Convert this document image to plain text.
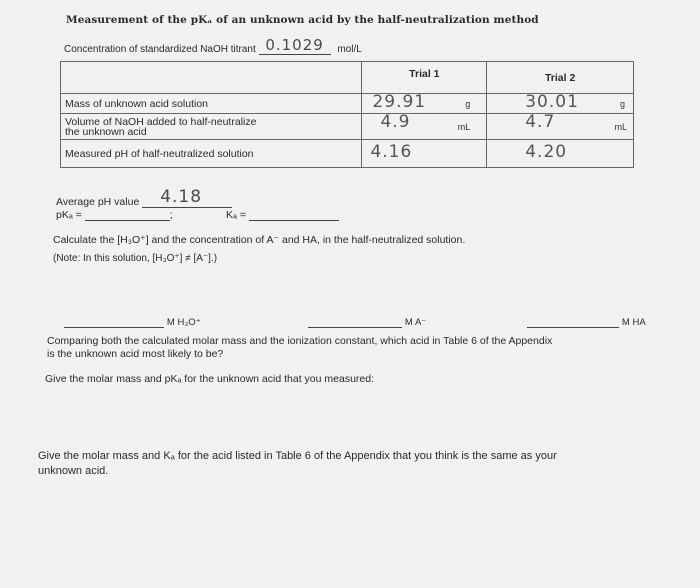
Measurement of the pKₐ of an unknown acid by the half-neutralization method
Concentration of standardized NaOH titrant 0.1029 mol/L
	Trial 1	Trial 2
Mass of unknown acid solution	29.91 g	30.01 g

Volume of NaOH added to half-neutralize
the unknown acid	4.9 mL	4.7 mL

Measured pH of half-neutralized solution	4.16	4.20
Average pH value 4.18
pKₐ =	;	Kₐ =
Calculate the [H₃O⁺] and the concentration of A⁻ and HA, in the half-neutralized solution.
(Note: In this solution, [H₃O⁺] ≠ [A⁻].)
M H₃O⁺	M A⁻	M HA
Comparing both the calculated molar mass and the ionization constant, which acid in Table 6 of the Appendix
is the unknown acid most likely to be?
Give the molar mass and pKₐ for the unknown acid that you measured:
Give the molar mass and Kₐ for the acid listed in Table 6 of the Appendix that you think is the same as your
unknown acid.
